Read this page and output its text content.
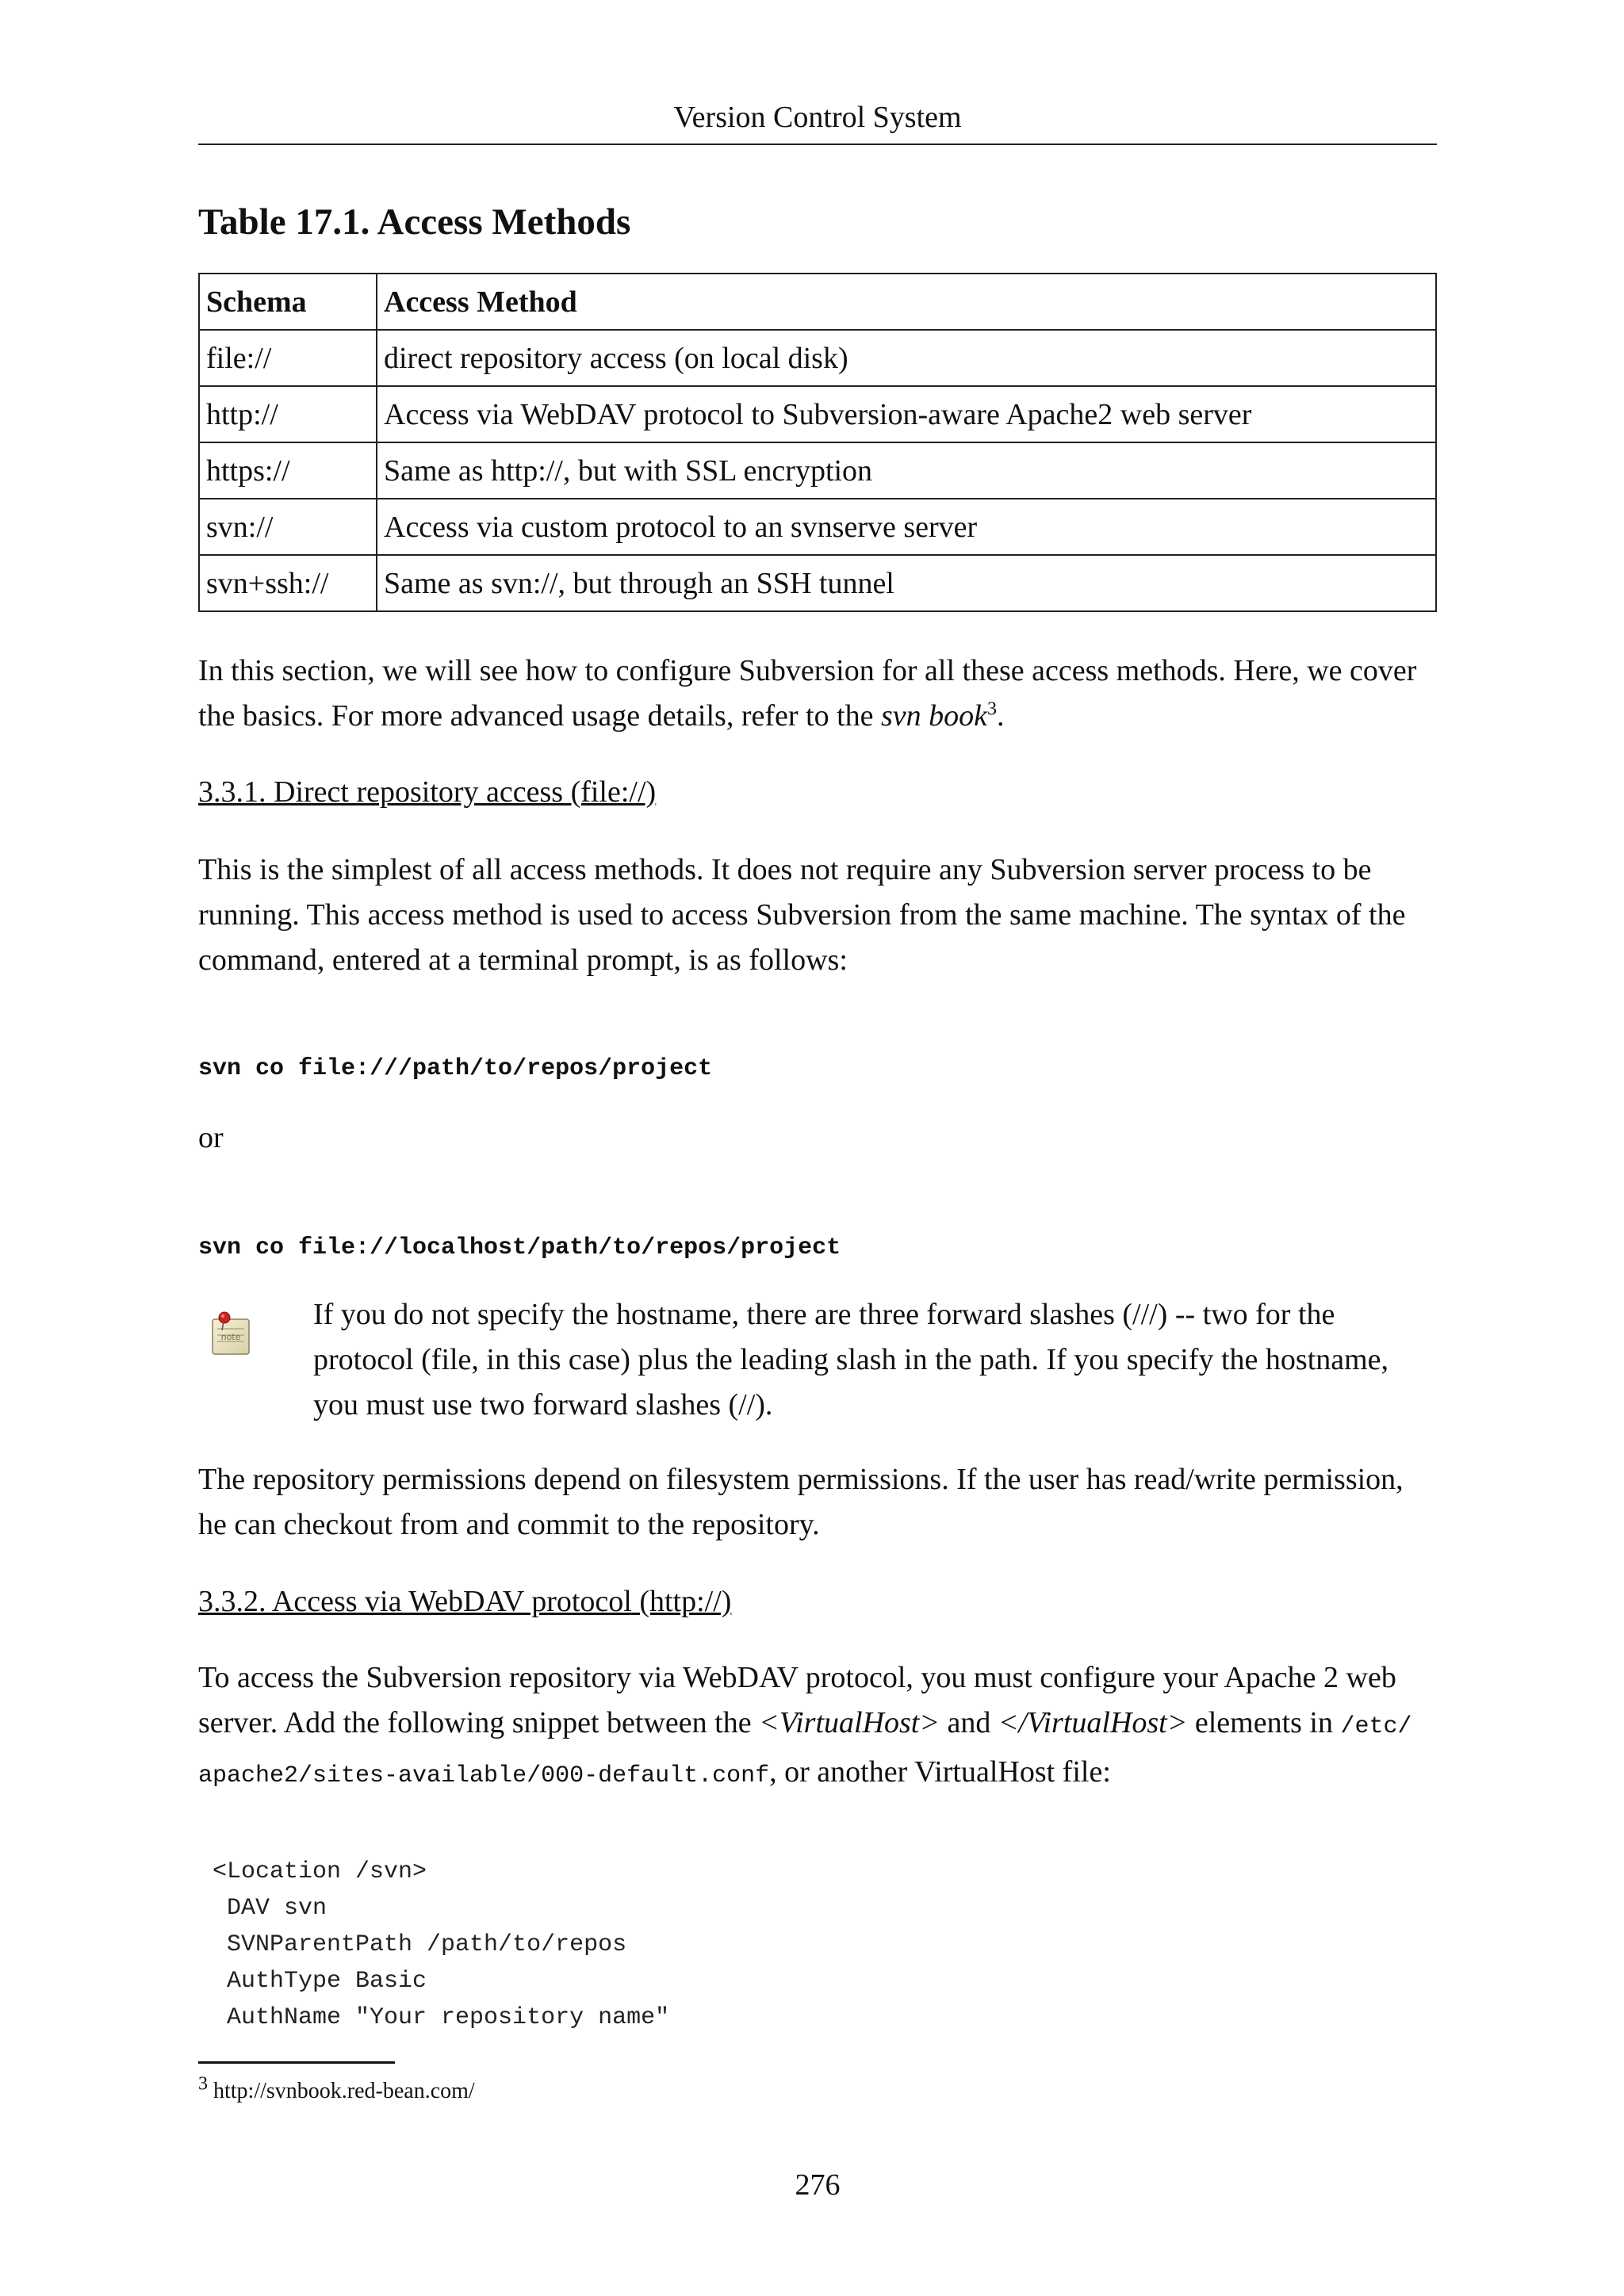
Version Control System
Table 17.1. Access Methods
Schema	Access Method
file://	direct repository access (on local disk)
http://	Access via WebDAV protocol to Subversion-aware Apache2 web server
https://	Same as http://, but with SSL encryption
svn://	Access via custom protocol to an svnserve server
svn+ssh://	Same as svn://, but through an SSH tunnel

In this section, we will see how to configure Subversion for all these access methods. Here, we cover the basics. For more advanced usage details, refer to the svn book$^3$.

3.3.1. Direct repository access (file://)

This is the simplest of all access methods. It does not require any Subversion server process to be running. This access method is used to access Subversion from the same machine. The syntax of the command, entered at a terminal prompt, is as follows:

svn co file:///path/to/repos/project

or

svn co file://localhost/path/to/repos/project

note

If you do not specify the hostname, there are three forward slashes (///) -- two for the protocol (file, in this case) plus the leading slash in the path. If you specify the hostname, you must use two forward slashes (//).

The repository permissions depend on filesystem permissions. If the user has read/write permission, he can checkout from and commit to the repository.

3.3.2. Access via WebDAV protocol (http://)

To access the Subversion repository via WebDAV protocol, you must configure your Apache 2 web server. Add the following snippet between the <VirtualHost> and </VirtualHost> elements in /etc/
apache2/sites-available/000-default.conf, or another VirtualHost file:

<Location /svn>
DAV svn
SVNParentPath /path/to/repos
AuthType Basic
AuthName "Your repository name"

$^3$ http://svnbook.red-bean.com/

276
